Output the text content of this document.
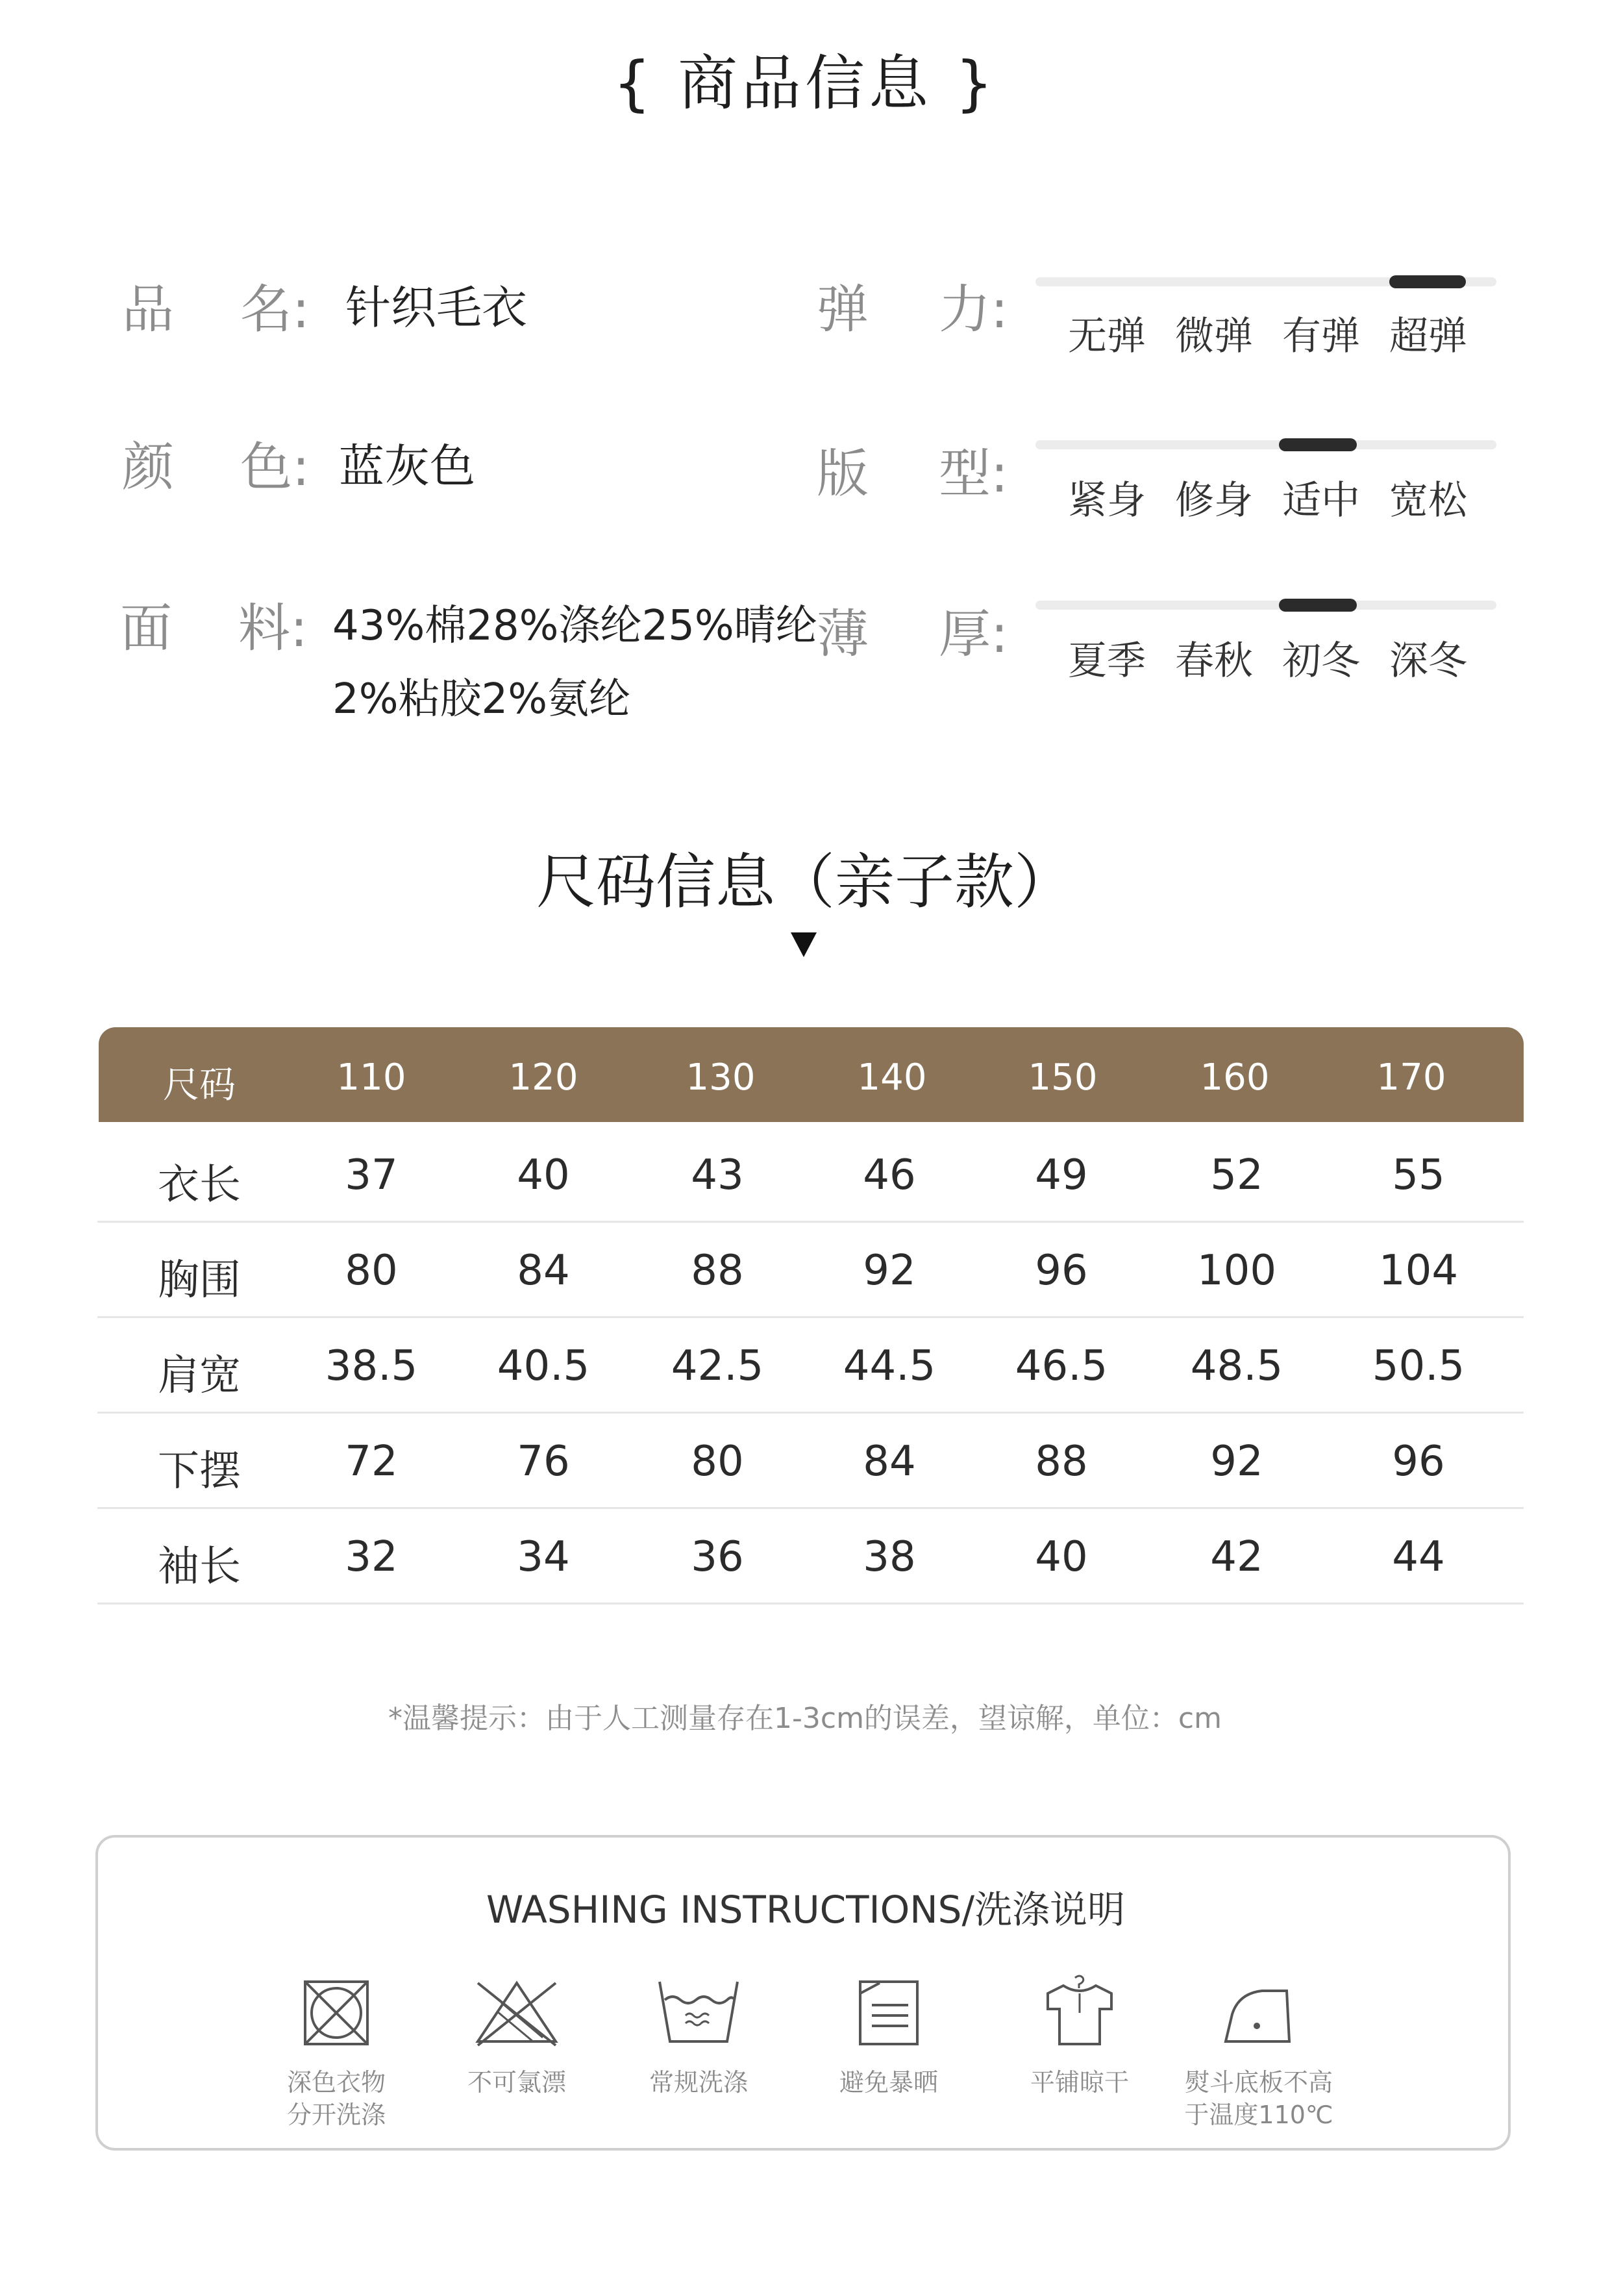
{ 商品信息 }
品 名: 针织毛衣
颜 色: 蓝灰色
面 料: 43%棉28%涤纶25%晴纶
2%粘胶2%氨纶
弹 力: 无弹 微弹 有弹 超弹
版 型: 紧身 修身 适中 宽松
薄 厚: 夏季 春秋 初冬 深冬
尺码信息（亲子款）
尺码	110	120	130	140	150	160	170
衣长	37	40	43	46	49	52	55
胸围	80	84	88	92	96	100 104
肩宽 38.5 40.5 42.5 44.5 46.5 48.5 50.5
下摆	72	76	80	84	88	92	96
袖长	32	34	36	38	40	42	44
*温馨提示：由于人工测量存在1-3cm的误差，望谅解，单位：cm
WASHING INSTRUCTIONS/洗涤说明
深色衣物
分开洗涤
不可氯漂	常规洗涤	避免暴晒	平铺晾干	熨斗底板不高
于温度110℃
